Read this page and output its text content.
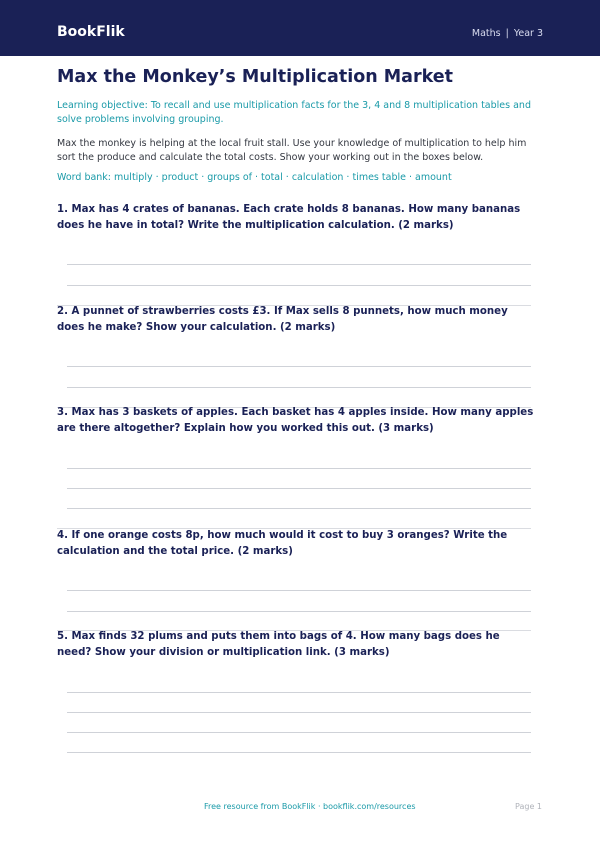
BookFlik	Maths | Year 3
Max the Monkey’s Multiplication Market
Learning objective: To recall and use multiplication facts for the 3, 4 and 8 multiplication tables and solve problems involving grouping.
Max the monkey is helping at the local fruit stall. Use your knowledge of multiplication to help him sort the produce and calculate the total costs. Show your working out in the boxes below.
Word bank: multiply · product · groups of · total · calculation · times table · amount

1. Max has 4 crates of bananas. Each crate holds 8 bananas. How many bananas does he have in total? Write the multiplication calculation. (2 marks)

2. A punnet of strawberries costs £3. If Max sells 8 punnets, how much money does he make? Show your calculation. (2 marks)

3. Max has 3 baskets of apples. Each basket has 4 apples inside. How many apples are there altogether? Explain how you worked this out. (3 marks)

4. If one orange costs 8p, how much would it cost to buy 3 oranges? Write the calculation and the total price. (2 marks)

5. Max finds 32 plums and puts them into bags of 4. How many bags does he need? Show your division or multiplication link. (3 marks)

Free resource from BookFlik · bookflik.com/resources	Page 1
